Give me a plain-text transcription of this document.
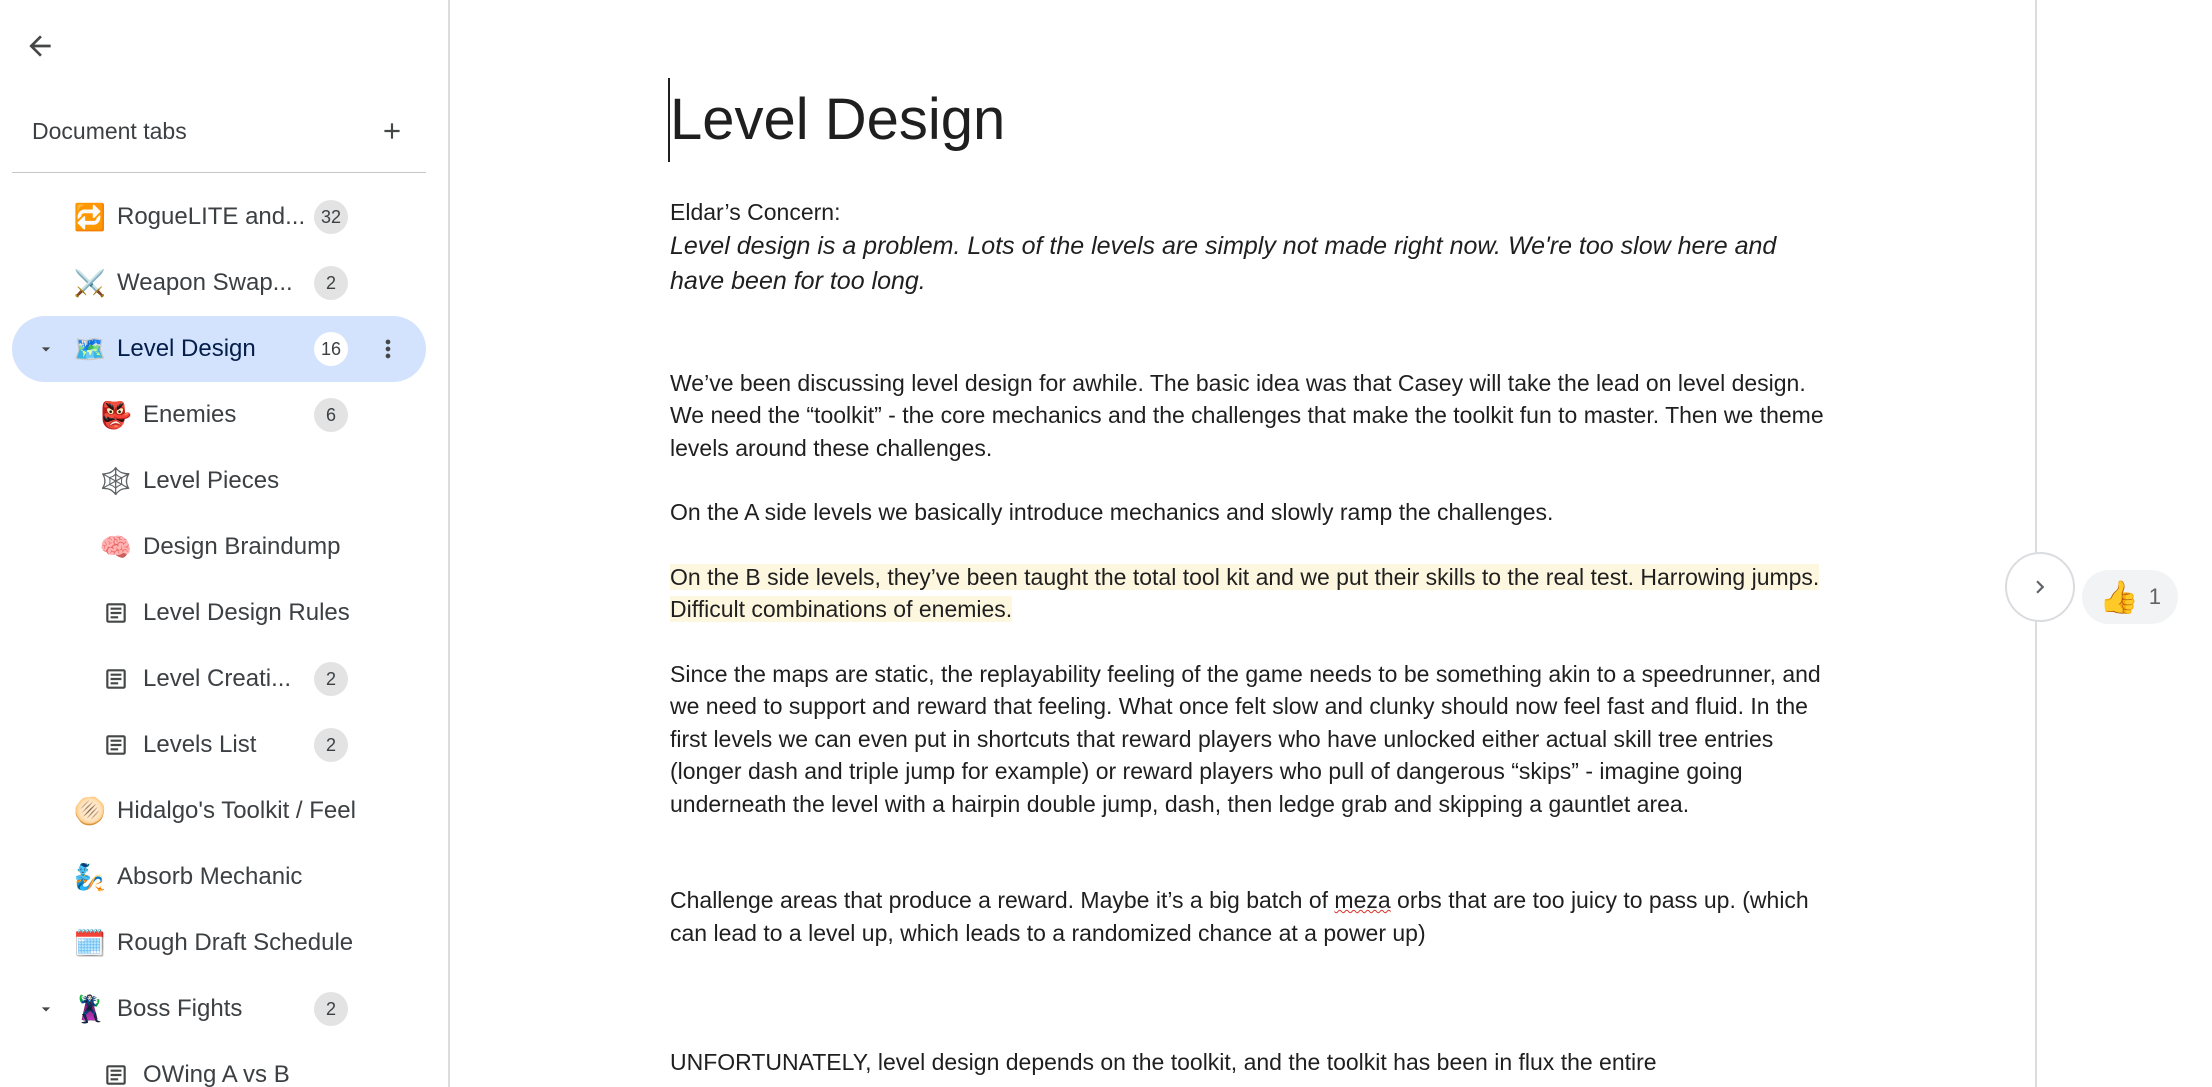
Document tabs
🔁 RogueLITE and... 32
⚔️ Weapon Swap...	2
🗺️ Level Design	16
👺 Enemies	6
🕸️ Level Pieces
🧠 Design Braindump
Level Design Rules
Level Creati...	2
Levels List	2
🫓 Hidalgo's Toolkit / Feel
🧞 Absorb Mechanic
🗓️ Rough Draft Schedule
🦹 Boss Fights	2
OWing A vs B
Level Design

Eldar’s Concern:

Level design is a problem. Lots of the levels are simply not made right now. We're too slow here and have been for too long.

We’ve been discussing level design for awhile. The basic idea was that Casey will take the lead on level design. We need the “toolkit” - the core mechanics and the challenges that make the toolkit fun to master. Then we theme levels around these challenges.

On the A side levels we basically introduce mechanics and slowly ramp the challenges.

On the B side levels, they’ve been taught the total tool kit and we put their skills to the real test. Harrowing jumps. Difficult combinations of enemies.

Since the maps are static, the replayability feeling of the game needs to be something akin to a speedrunner, and we need to support and reward that feeling. What once felt slow and clunky should now feel fast and fluid. In the first levels we can even put in shortcuts that reward players who have unlocked either actual skill tree entries (longer dash and triple jump for example) or reward players who pull of dangerous “skips” - imagine going underneath the level with a hairpin double jump, dash, then ledge grab and skipping a gauntlet area.

Challenge areas that produce a reward. Maybe it’s a big batch of meza orbs that are too juicy to pass up. (which can lead to a level up, which leads to a randomized chance at a power up)

UNFORTUNATELY, level design depends on the toolkit, and the toolkit has been in flux the entire

👍 1
